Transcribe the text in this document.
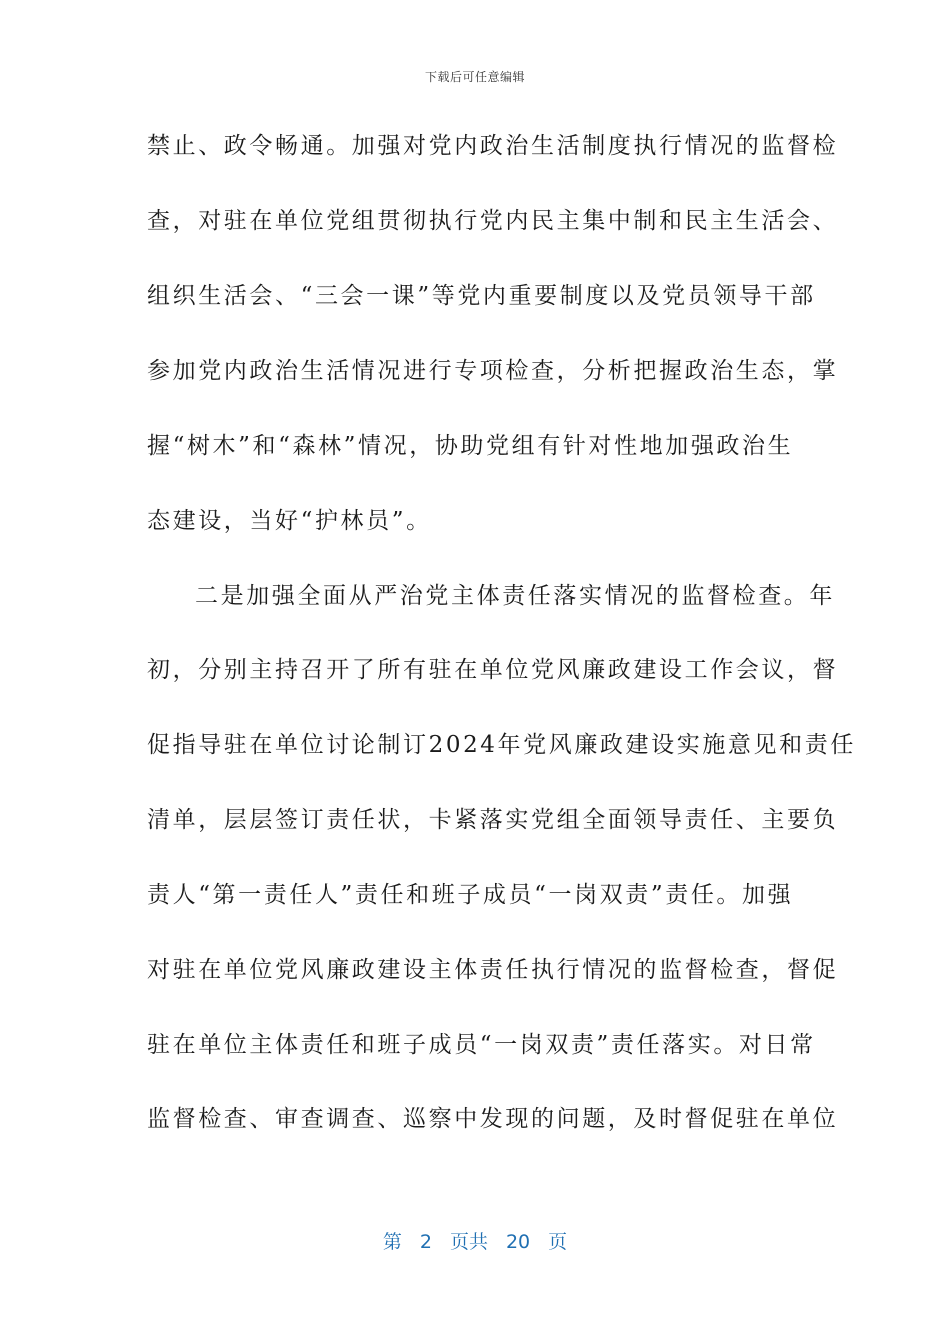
下载后可任意编辑
禁止、政令畅通。加强对党内政治生活制度执行情况的监督检
查，对驻在单位党组贯彻执行党内民主集中制和民主生活会、
组织生活会、“三会一课”等党内重要制度以及党员领导干部
参加党内政治生活情况进行专项检查，分析把握政治生态，掌
握“树木”和“森林”情况，协助党组有针对性地加强政治生
态建设，当好“护林员”。
二是加强全面从严治党主体责任落实情况的监督检查。年
初，分别主持召开了所有驻在单位党风廉政建设工作会议，督
促指导驻在单位讨论制订2024年党风廉政建设实施意见和责任
清单，层层签订责任状，卡紧落实党组全面领导责任、主要负
责人“第一责任人”责任和班子成员“一岗双责”责任。加强
对驻在单位党风廉政建设主体责任执行情况的监督检查，督促
驻在单位主体责任和班子成员“一岗双责”责任落实。对日常
监督检查、审查调查、巡察中发现的问题，及时督促驻在单位
第 2 页共 20 页
